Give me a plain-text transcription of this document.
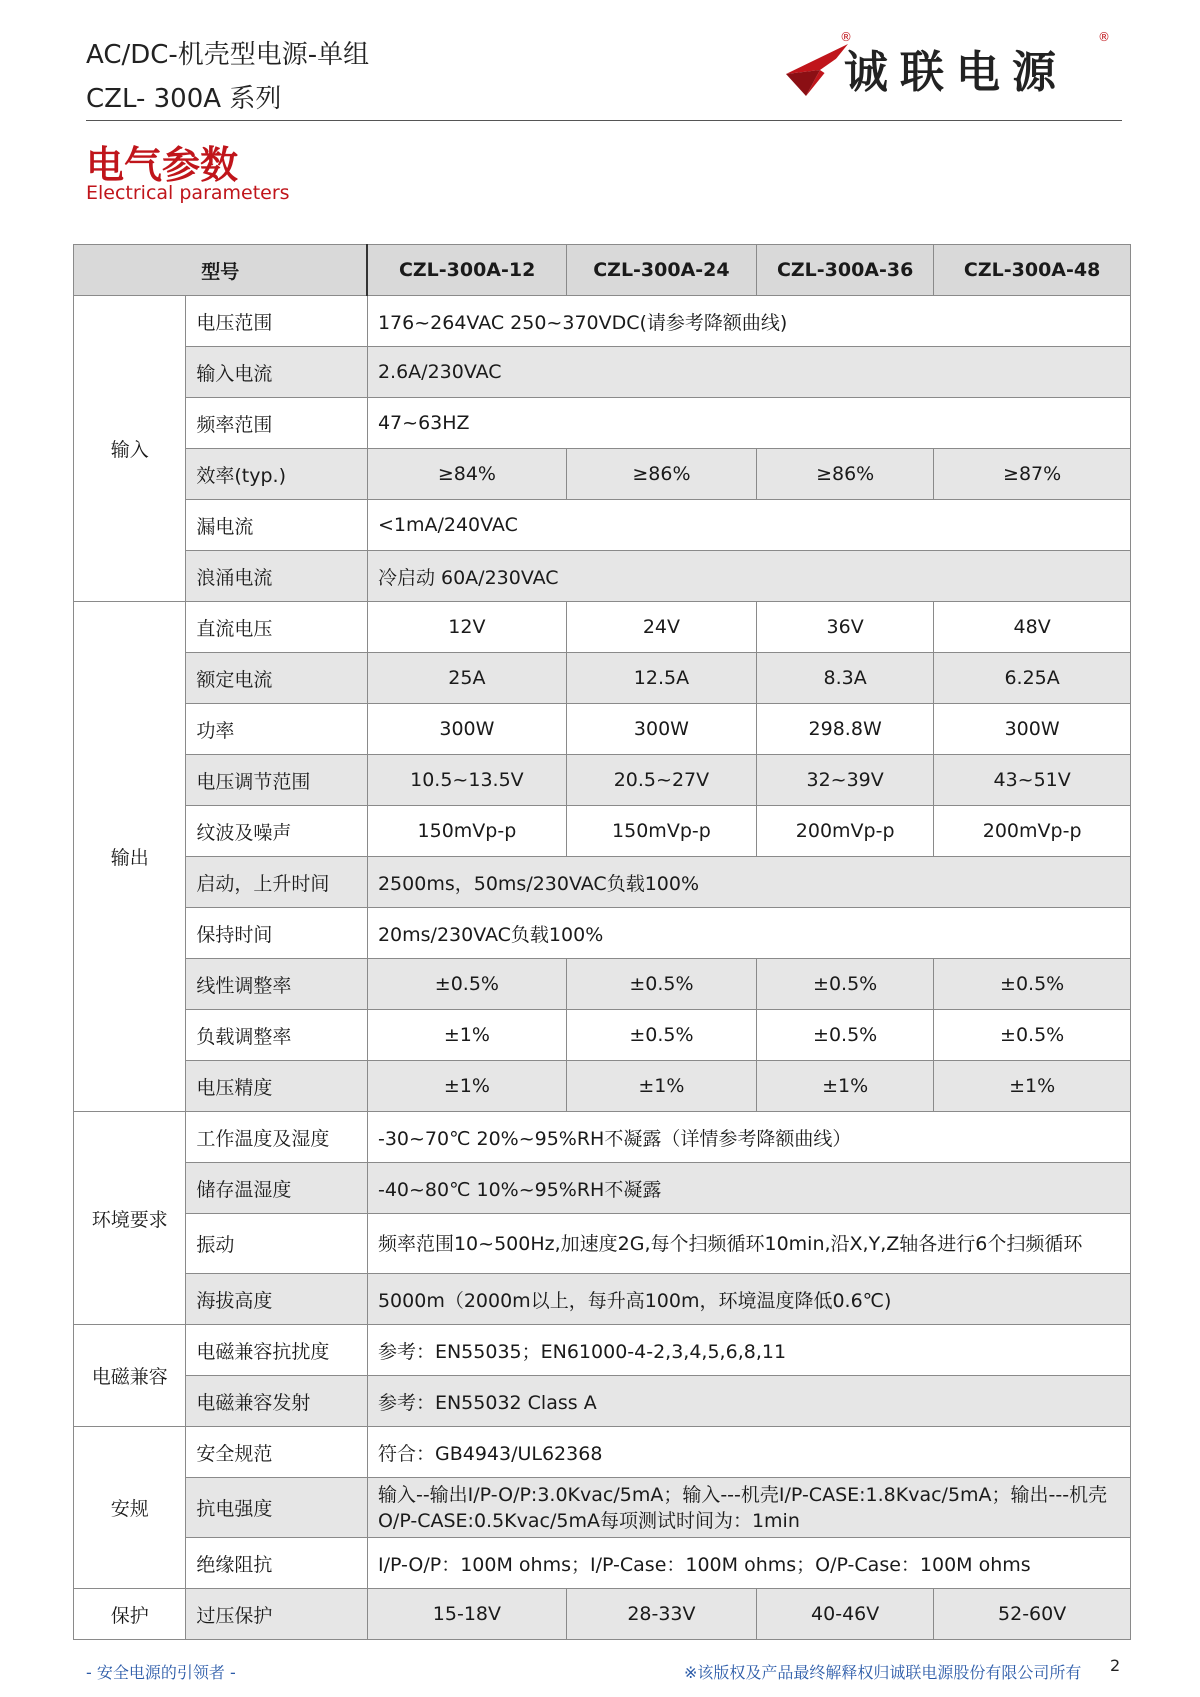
AC/DC-机壳型电源-单组
CZL- 300A 系列
®
诚联电源
®
电气参数
Electrical parameters
型号		CZL-300A-12	CZL-300A-24	CZL-300A-36	CZL-300A-48
输入	电压范围	176~264VAC 250~370VDC(请参考降额曲线)			
	输入电流	2.6A/230VAC			
	频率范围	47~63HZ			
	效率(typ.)	≥84%	≥86%	≥86%	≥87%
	漏电流	<1mA/240VAC			
	浪涌电流	冷启动 60A/230VAC			
输出	直流电压	12V	24V	36V	48V
	额定电流	25A	12.5A	8.3A	6.25A
	功率	300W	300W	298.8W	300W
	电压调节范围	10.5~13.5V	20.5~27V	32~39V	43~51V
	纹波及噪声	150mVp-p	150mVp-p	200mVp-p	200mVp-p
	启动，上升时间	2500ms，50ms/230VAC负载100%			
	保持时间	20ms/230VAC负载100%			
	线性调整率	±0.5%	±0.5%	±0.5%	±0.5%
	负载调整率	±1%	±0.5%	±0.5%	±0.5%
	电压精度	±1%	±1%	±1%	±1%
环境要求	工作温度及湿度	-30~70℃ 20%~95%RH不凝露（详情参考降额曲线）			
	储存温湿度	-40~80℃ 10%~95%RH不凝露			
	振动	频率范围10~500Hz,加速度2G,每个扫频循环10min,沿X,Y,Z轴各进行6个扫频循环			
	海拔高度	5000m（2000m以上，每升高100m，环境温度降低0.6℃)			
电磁兼容	电磁兼容抗扰度	参考：EN55035；EN61000-4-2,3,4,5,6,8,11			
	电磁兼容发射	参考：EN55032 Class A			
安规	安全规范	符合：GB4943/UL62368			
	抗电强度	输入--输出I/P-O/P:3.0Kvac/5mA；输入---机壳I/P-CASE:1.8Kvac/5mA；输出---机壳O/P-CASE:0.5Kvac/5mA每项测试时间为：1min			
	绝缘阻抗	I/P-O/P：100M ohms；I/P-Case：100M ohms；O/P-Case：100M ohms			
保护	过压保护	15-18V	28-33V	40-46V	52-60V
- 安全电源的引领者 -	※该版权及产品最终解释权归诚联电源股份有限公司所有 2
